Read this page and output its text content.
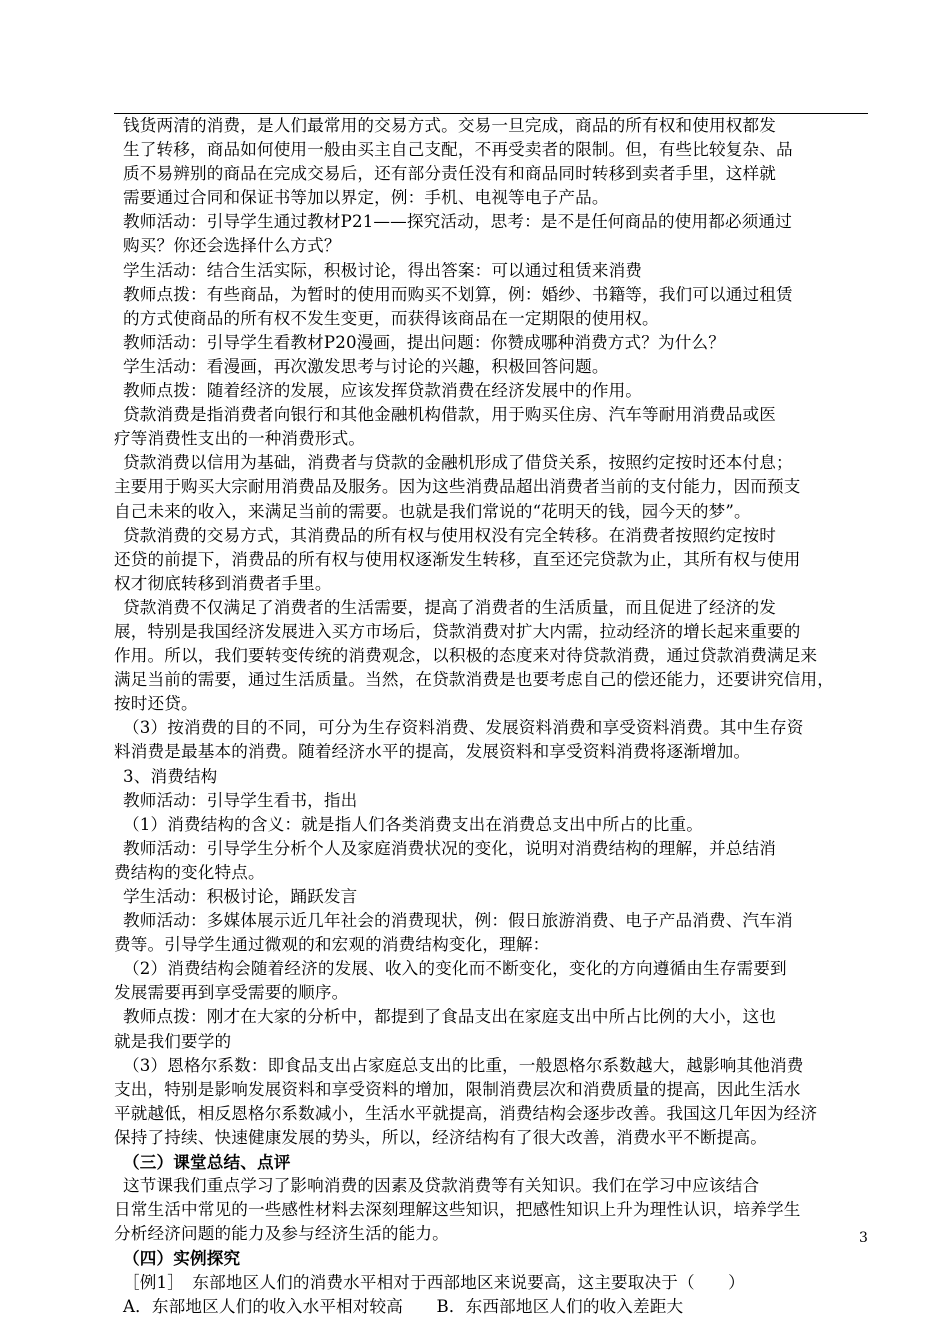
钱货两清的消费，是人们最常用的交易方式。交易一旦完成，商品的所有权和使用权都发
生了转移，商品如何使用一般由买主自己支配，不再受卖者的限制。但，有些比较复杂、品
质不易辨别的商品在完成交易后，还有部分责任没有和商品同时转移到卖者手里，这样就
需要通过合同和保证书等加以界定，例：手机、电视等电子产品。
教师活动：引导学生通过教材P21——探究活动，思考：是不是任何商品的使用都必须通过
购买？你还会选择什么方式？
学生活动：结合生活实际，积极讨论，得出答案：可以通过租赁来消费
教师点拨：有些商品，为暂时的使用而购买不划算，例：婚纱、书籍等，我们可以通过租赁
的方式使商品的所有权不发生变更，而获得该商品在一定期限的使用权。
教师活动：引导学生看教材P20漫画，提出问题：你赞成哪种消费方式？为什么？
学生活动：看漫画，再次激发思考与讨论的兴趣，积极回答问题。
教师点拨：随着经济的发展，应该发挥贷款消费在经济发展中的作用。
贷款消费是指消费者向银行和其他金融机构借款，用于购买住房、汽车等耐用消费品或医
疗等消费性支出的一种消费形式。
贷款消费以信用为基础，消费者与贷款的金融机形成了借贷关系，按照约定按时还本付息；
主要用于购买大宗耐用消费品及服务。因为这些消费品超出消费者当前的支付能力，因而预支
自己未来的收入，来满足当前的需要。也就是我们常说的“花明天的钱，园今天的梦”。
贷款消费的交易方式，其消费品的所有权与使用权没有完全转移。在消费者按照约定按时
还贷的前提下，消费品的所有权与使用权逐渐发生转移，直至还完贷款为止，其所有权与使用
权才彻底转移到消费者手里。
贷款消费不仅满足了消费者的生活需要，提高了消费者的生活质量，而且促进了经济的发
展，特别是我国经济发展进入买方市场后，贷款消费对扩大内需，拉动经济的增长起来重要的
作用。所以，我们要转变传统的消费观念，以积极的态度来对待贷款消费，通过贷款消费满足来
满足当前的需要，通过生活质量。当然，在贷款消费是也要考虑自己的偿还能力，还要讲究信用，
按时还贷。
（3）按消费的目的不同，可分为生存资料消费、发展资料消费和享受资料消费。其中生存资
料消费是最基本的消费。随着经济水平的提高，发展资料和享受资料消费将逐渐增加。
3、消费结构
教师活动：引导学生看书，指出
（1）消费结构的含义：就是指人们各类消费支出在消费总支出中所占的比重。
教师活动：引导学生分析个人及家庭消费状况的变化，说明对消费结构的理解，并总结消
费结构的变化特点。
学生活动：积极讨论，踊跃发言
教师活动：多媒体展示近几年社会的消费现状，例：假日旅游消费、电子产品消费、汽车消
费等。引导学生通过微观的和宏观的消费结构变化，理解：
（2）消费结构会随着经济的发展、收入的变化而不断变化，变化的方向遵循由生存需要到
发展需要再到享受需要的顺序。
教师点拨：刚才在大家的分析中，都提到了食品支出在家庭支出中所占比例的大小，这也
就是我们要学的
（3）恩格尔系数：即食品支出占家庭总支出的比重，一般恩格尔系数越大，越影响其他消费
支出，特别是影响发展资料和享受资料的增加，限制消费层次和消费质量的提高，因此生活水
平就越低，相反恩格尔系数减小，生活水平就提高，消费结构会逐步改善。我国这几年因为经济
保持了持续、快速健康发展的势头，所以，经济结构有了很大改善，消费水平不断提高。
（三）课堂总结、点评
这节课我们重点学习了影响消费的因素及贷款消费等有关知识。我们在学习中应该结合
日常生活中常见的一些感性材料去深刻理解这些知识，把感性知识上升为理性认识，培养学生
分析经济问题的能力及参与经济生活的能力。
（四）实例探究
［例1］　东部地区人们的消费水平相对于西部地区来说要高，这主要取决于（　　）
A．东部地区人们的收入水平相对较高　　B．东西部地区人们的收入差距大
3
